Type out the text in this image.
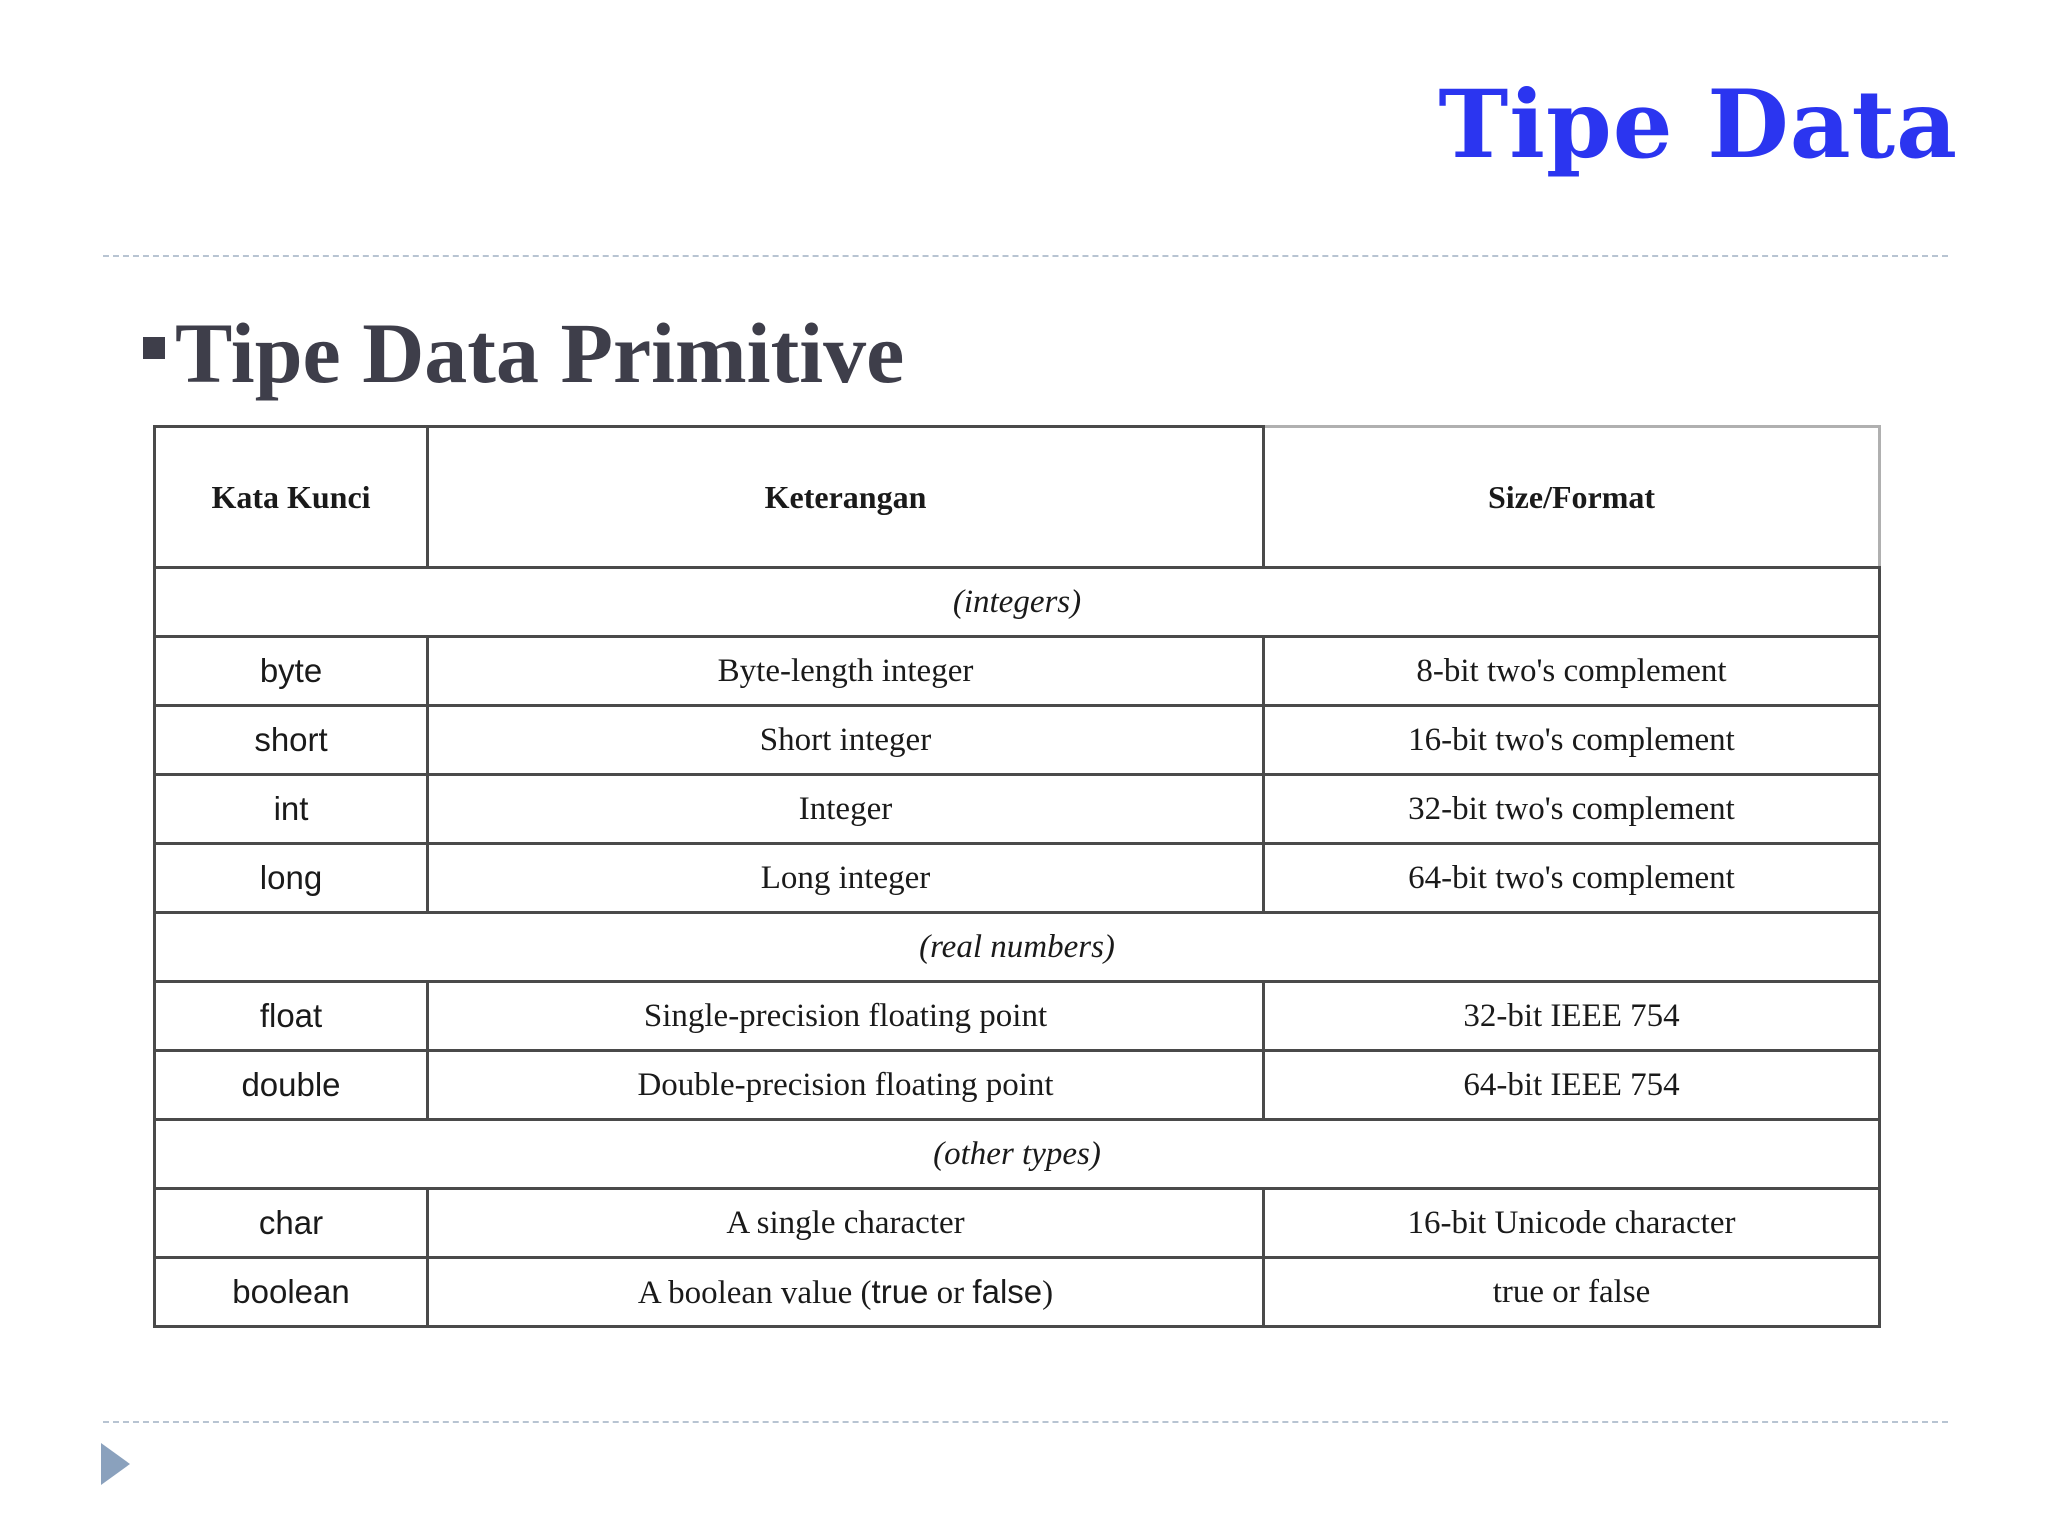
Tipe Data
Tipe Data Primitive
Kata Kunci	Keterangan	Size/Format
(integers)		
byte	Byte-length integer	8-bit two's complement
short	Short integer	16-bit two's complement
int	Integer	32-bit two's complement
long	Long integer	64-bit two's complement
(real numbers)		
float	Single-precision floating point	32-bit IEEE 754
double	Double-precision floating point	64-bit IEEE 754
(other types)		
char	A single character	16-bit Unicode character
boolean	A boolean value (true or false)	true or false
